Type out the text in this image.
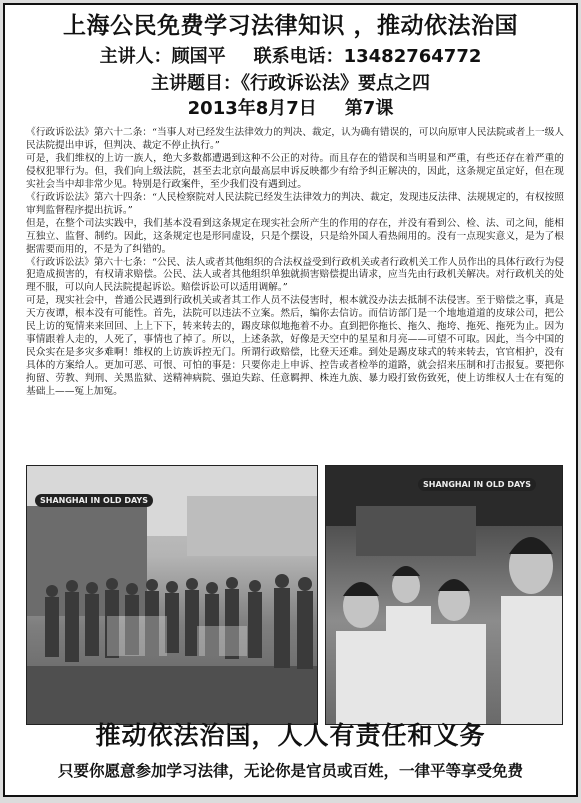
上海公民免费学习法律知识 ，推动依法治国
主讲人：顾国平 联系电话：13482764772
主讲题目：《行政诉讼法》要点之四
2013年8月7日 第7课

《行政诉讼法》第六十二条：“当事人对已经发生法律效力的判决、裁定，认为确有错误的，可以向原审人民法院或者上一级人民法院提出申诉，但判决、裁定不停止执行。”

可是，我们维权的上访一族人，绝大多数都遭遇到这种不公正的对待。而且存在的错误和当明显和严重，有些还存在着严重的侵权犯罪行为。但，我们向上级法院，甚至去北京向最高层申诉反映都少有给予纠正解决的，因此，这条规定虽定好，但在现实社会当中却非常少见。特别是行政案件，至少我们没有遇到过。

《行政诉讼法》第六十四条：“人民检察院对人民法院已经发生法律效力的判决、裁定，发现违反法律、法规规定的，有权按照审判监督程序提出抗诉。”

但是，在整个司法实践中，我们基本没看到这条规定在现实社会所产生的作用的存在，并没有看到公、检、法、司之间，能相互独立、监督、制约。因此，这条规定也是形同虚设，只是个摆设，只是给外国人看热闹用的。没有一点现实意义，是为了根据需要而用的，不是为了纠错的。

《行政诉讼法》第六十七条：“公民、法人或者其他组织的合法权益受到行政机关或者行政机关工作人员作出的具体行政行为侵犯造成损害的，有权请求赔偿。公民、法人或者其他组织单独就损害赔偿提出请求，应当先由行政机关解决。对行政机关的处理不服，可以向人民法院提起诉讼。赔偿诉讼可以适用调解。”

可是，现实社会中，普通公民遇到行政机关或者其工作人员不法侵害时，根本就没办法去抵制不法侵害。至于赔偿之事，真是天方夜谭，根本没有可能性。首先，法院可以违法不立案。然后，编你去信访。而信访部门是一个地地道道的皮球公司，把公民上访的冤情来来回回、上上下下，转来转去的，踢皮球似地拖着不办。直到把你拖长、拖久、拖垮、拖死、拖死为止。因为事情跟着人走的，人死了，事情也了掉了。所以，上述条款，好像是天空中的星星和月亮——可望不可取。因此，当今中国的民众实在是多灾多难啊！维权的上访族诉控无门。所谓行政赔偿，比登天还难。到处是踢皮球式的转来转去，官官相护，没有具体的方案给人。更加可恶、可恨、可怕的事是：只要你走上申诉、控告或者检举的道路，就会招来压制和打击报复。要把你拘留、劳教、判刑、关黑监狱、送精神病院、强迫失踪、任意羁押、株连九族、暴力殴打致伤致死，使上访维权人士在有冤的基础上——冤上加冤。

SHANGHAI IN OLD DAYS
SHANGHAI IN OLD DAYS
推动依法治国，人人有责任和义务
只要你愿意参加学习法律，无论你是官员或百姓，一律平等享受免费
